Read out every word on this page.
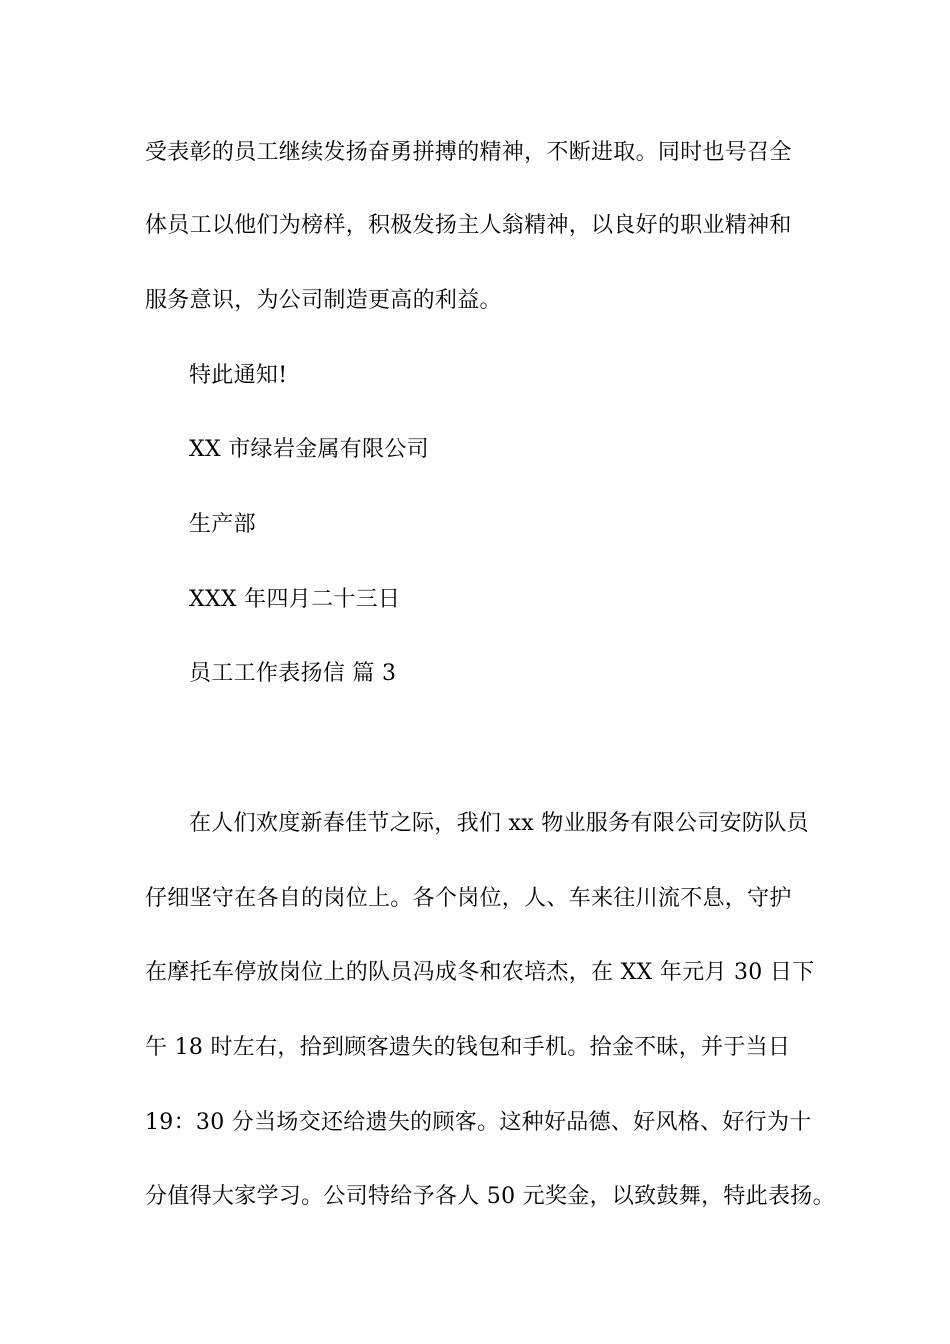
受表彰的员工继续发扬奋勇拼搏的精神，不断进取。同时也号召全
体员工以他们为榜样，积极发扬主人翁精神，以良好的职业精神和
服务意识，为公司制造更高的利益。
特此通知!
XX 市绿岩金属有限公司
生产部
XXX 年四月二十三日
员工工作表扬信 篇 3
在人们欢度新春佳节之际，我们 xx 物业服务有限公司安防队员
仔细坚守在各自的岗位上。各个岗位，人、车来往川流不息，守护
在摩托车停放岗位上的队员冯成冬和农培杰，在 XX 年元月 30 日下
午 18 时左右，拾到顾客遗失的钱包和手机。拾金不昧，并于当日
19：30 分当场交还给遗失的顾客。这种好品德、好风格、好行为十
分值得大家学习。公司特给予各人 50 元奖金，以致鼓舞，特此表扬。
